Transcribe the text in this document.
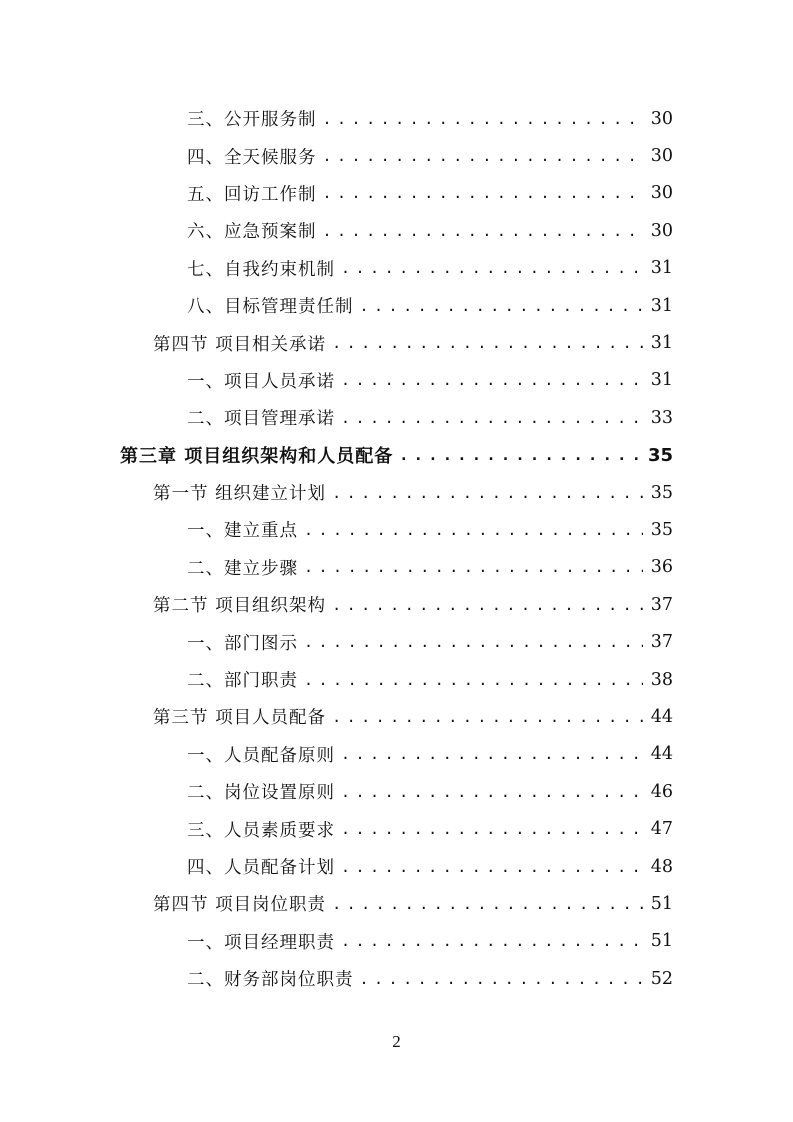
三、公开服务制 .....	30
四、全天候服务 .....	30
五、回访工作制 .....	30
六、应急预案制 .....	30
七、自我约束机制 .....	31
八、目标管理责任制 .....	31
第四节 项目相关承诺 .....	31
一、项目人员承诺 .....	31
二、项目管理承诺 .....	33
第三章 项目组织架构和人员配备 .....	35
第一节 组织建立计划 .....	35
一、建立重点 .....	35
二、建立步骤 .....	36
第二节 项目组织架构 .....	37
一、部门图示 .....	37
二、部门职责 .....	38
第三节 项目人员配备 .....	44
一、人员配备原则 .....	44
二、岗位设置原则 .....	46
三、人员素质要求 .....	47
四、人员配备计划 .....	48
第四节 项目岗位职责 .....	51
一、项目经理职责 .....	51
二、财务部岗位职责 .....	52
2
